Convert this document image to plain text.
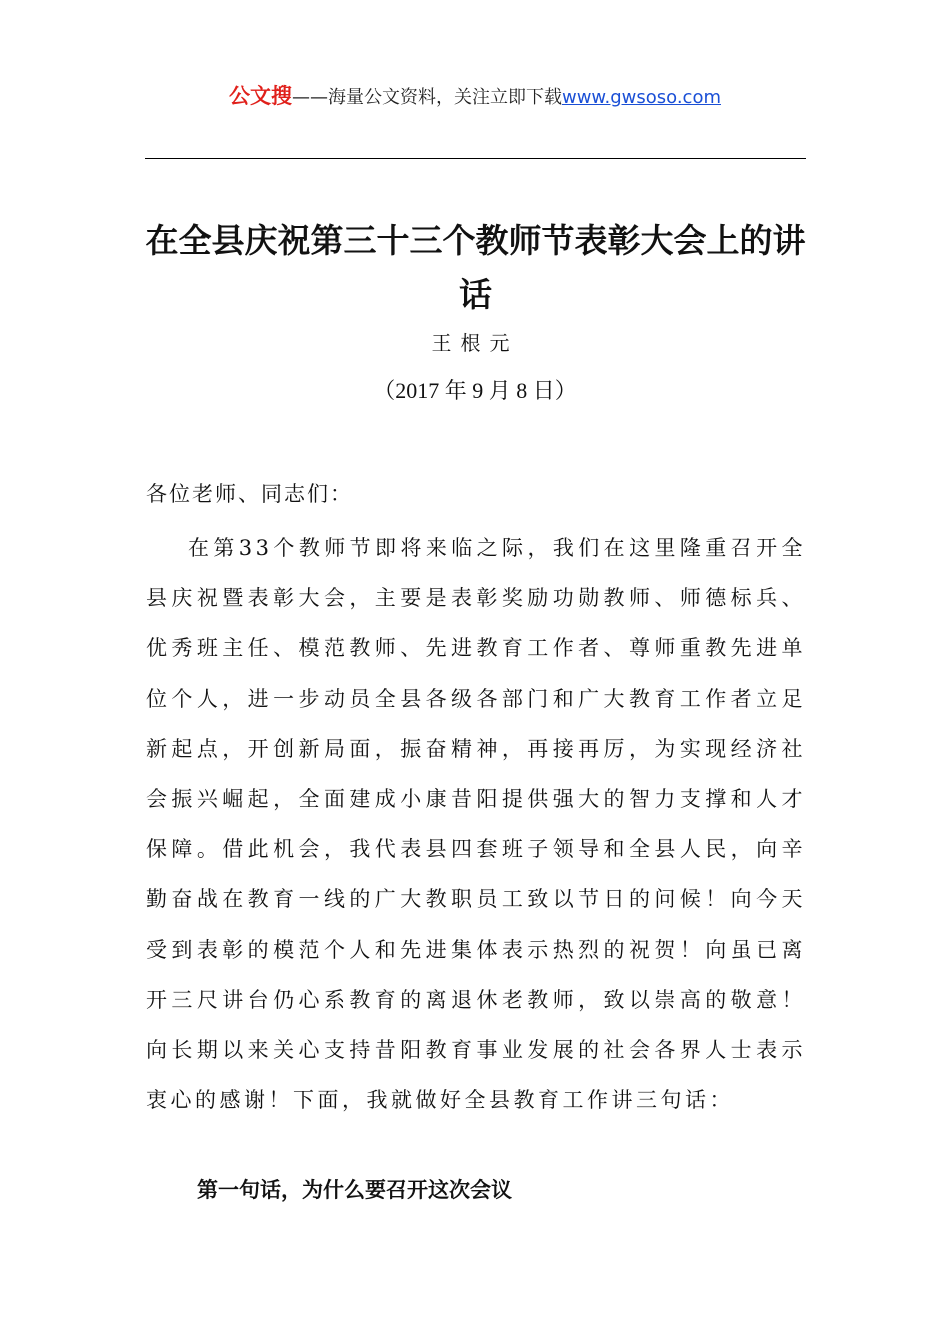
公文搜——海量公文资料，关注立即下载www.gwsoso.com
在全县庆祝第三十三个教师节表彰大会上的讲话
王根元
（2017 年 9 月 8 日）
各位老师、同志们：

在第33个教师节即将来临之际，我们在这里隆重召开全县庆祝暨表彰大会，主要是表彰奖励功勋教师、师德标兵、优秀班主任、模范教师、先进教育工作者、尊师重教先进单位个人，进一步动员全县各级各部门和广大教育工作者立足新起点，开创新局面，振奋精神，再接再厉，为实现经济社会振兴崛起，全面建成小康昔阳提供强大的智力支撑和人才保障。借此机会，我代表县四套班子领导和全县人民，向辛勤奋战在教育一线的广大教职员工致以节日的问候！向今天受到表彰的模范个人和先进集体表示热烈的祝贺！向虽已离开三尺讲台仍心系教育的离退休老教师，致以崇高的敬意！向长期以来关心支持昔阳教育事业发展的社会各界人士表示衷心的感谢！下面，我就做好全县教育工作讲三句话：

第一句话，为什么要召开这次会议
